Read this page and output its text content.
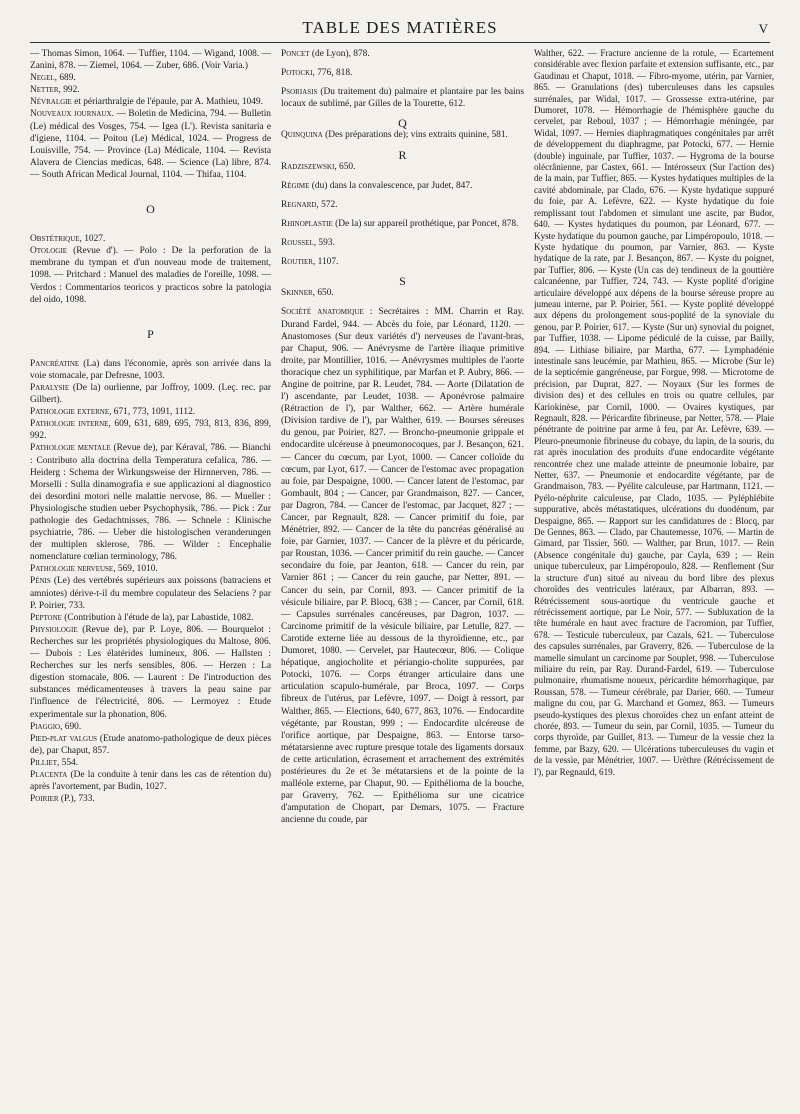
TABLE DES MATIÈRES	V
— Thomas Simon, 1064. — Tuffier, 1104. — Wigand, 1008. — Zanini, 878. — Ziemel, 1064. — Zuber, 686. (Voir Varia.)
Negel, 689.
Netter, 992.
Névralgie et périarthralgie de l'épaule, par A. Mathieu, 1049.
Nouveaux journaux. — Boletin de Medicina, 794. — Bulletin (Le) médical des Vosges, 754. — Igea (L'). Revista sanitaria e d'igiene, 1104. — Poitou (Le) Médical, 1024. — Progress de Louisville, 754. — Province (La) Médicale, 1104. — Revista Alavera de Ciencias medicas, 648. — Science (La) libre, 874. — South African Medical Journal, 1104. — Thifaa, 1104.
O
Obstétrique, 1027.
Otologie (Revue d'). — Polo : De la perforation de la membrane du tympan et d'un nouveau mode de traitement, 1098. — Pritchard : Manuel des maladies de l'oreille, 1098. — Verdos : Commentarios teoricos y practicos sobre la patologia del oido, 1098.
P
Pancréatine (La) dans l'économie, après son arrivée dans la voie stomacale, par Defresne, 1003.
Paralysie (De la) ourlienne, par Joffroy, 1009. (Leç. rec. par Gilbert).
Pathologie externe, 671, 773, 1091, 1112.
Pathologie interne, 609, 631, 689, 695, 793, 813, 836, 899, 992.
Pathologie mentale (Revue de), par Kéraval, 786. — Bianchi : Contributo alla doctrina della Temperatura cefalica, 786. — Heiderg : Schema der Wirkungsweise der Hirnnerven, 786. — Morselli : Sulla dinamografia e sue applicazioni al diagnostico dei desordini motori nelle malattie nervose, 86. — Mueller : Physiologische studien ueber Psychophysik, 786. — Pick : Zur pathologie des Gedachtnisses, 786. — Schnele : Klinische psychiatrie, 786. — Ueber die histologischen veranderungen der multiplen sklerose, 786. — Wilder : Encephalie nomenclature cœlian terminology, 786.
Pathologie nerveuse, 569, 1010.
Pénis (Le) des vertébrés supérieurs aux poissons (batraciens et amniotes) dérive-t-il du membre copulateur des Selaciens ? par P. Poirier, 733.
Peptone (Contribution à l'étude de la), par Labastide, 1082.
Physiologie (Revue de), par P. Loye, 806. — Bourquelot : Recherches sur les propriétés physiologiques du Maltose, 806. — Dubois : Les élatérides lumineux, 806. — Hallsten : Recherches sur les nerfs sensibles, 806. — Herzen : La digestion stomacale, 806. — Laurent : De l'introduction des substances médicamenteuses à travers la peau saine par l'influence de l'électricité, 806. — Lermoyez : Etude experimentale sur la phonation, 806.
Piaggio, 690.
Pied-plat valgus (Etude anatomo-pathologique de deux pièces de), par Chaput, 857.
Pilliet, 554.
Placenta (De la conduite à tenir dans les cas de rétention du) après l'avortement, par Budin, 1027.
Poirier (P.), 733.
Poncet (de Lyon), 878.
Potocki, 776, 818.
Psoriasis (Du traitement du) palmaire et plantaire par les bains locaux de sublimé, par Gilles de la Tourette, 612.
Q
Quinquina (Des préparations de); vins extraits quinine, 581.
R
Radziszewski, 650.
Régime (du) dans la convalescence, par Judet, 847.
Regnard, 572.
Rhinoplastie (De la) sur appareil prothétique, par Poncet, 878.
Roussel, 593.
Routier, 1107.
S
Skinner, 650.
Société anatomique : Secrétaires : MM. Charrin et Ray. Durand Fardel, 944. — Abcès du foie, par Léonard, 1120. — Anastomoses (Sur deux variétés d') nerveuses de l'avant-bras, par Chaput, 906. — Anévrysme de l'artère iliaque primitive droite, par Montillier, 1016. — Anévrysmes multiples de l'aorte thoracique chez un syphilitique, par Marfan et P. Aubry, 866. — Angine de poitrine, par R. Leudet, 784. — Aorte (Dilatation de l') ascendante, par Leudet, 1038. — Aponévrose palmaire (Rétraction de l'), par Walther, 662. — Artère humérale (Division tardive de l'), par Walther, 619. — Bourses séreuses du genou, par Poirier, 827. — Broncho-pneumonie grippale et endocardite ulcéreuse à pneumonocoques, par J. Besançon, 621. — Cancer du cœcum, par Lyot, 1000. — Cancer colloïde du cœcum, par Lyot, 617. — Cancer de l'estomac avec propagation au foie, par Despaigne, 1000. — Cancer latent de l'estomac, par Gombault, 804 ; — Cancer, par Grandmaison, 827. — Cancer, par Dagron, 784. — Cancer de l'estomac, par Jacquet, 827 ; — Cancer, par Regnault, 828. — Cancer primitif du foie, par Ménétrier, 892. — Cancer de la tête du pancréas généralisé au foie, par Garnier, 1037. — Cancer de la plèvre et du péricarde, par Roustan, 1036. — Cancer primitif du rein gauche. — Cancer secondaire du foie, par Jeanton, 618. — Cancer du rein, par Varnier 861 ; — Cancer du rein gauche, par Netter, 891. — Cancer du sein, par Cornil, 893. — Cancer primitif de la vésicule biliaire, par P. Blocq, 638 ; — Cancer, par Cornil, 618. — Capsules surrénales cancéreuses, par Dagron, 1037. — Carcinome primitif de la vésicule biliaire, par Letulle, 827. — Carotide externe liée au dessous de la thyroïdienne, etc., par Dumoret, 1080. — Cervelet, par Hautecœur, 806. — Colique hépatique, angiocholite et périangio-cholite suppurées, par Potocki, 1076. — Corps étranger articulaire dans une articulation scapulo-humérale, par Broca, 1097. — Corps fibreux de l'utérus, par Lefèvre, 1097. — Doigt à ressort, par Walther, 865. — Elections, 640, 677, 863, 1076. — Endocardite végétante, par Roustan, 999 ; — Endocardite ulcéreuse de l'orifice aortique, par Despaigne, 863. — Entorse tarso-métatarsienne avec rupture presque totale des ligaments dorsaux de cette articulation, écrasement et arrachement des extrémités postérieures du 2e et 3e métatarsiens et de la pointe de la malléole externe, par Chaput, 90. — Epithélioma de la bouche, par Graverry, 762. — Epithélioma sur une cicatrice d'amputation de Chopart, par Demars, 1075. — Fracture ancienne du coude, par
Walther, 622. — Fracture ancienne de la rotule, — Ecartement considérable avec flexion parfaite et extension suffisante, etc., par Gaudinau et Chaput, 1018. — Fibro-myome, utérin, par Varnier, 865. — Granulations (des) tuberculeuses dans les capsules surrénales, par Widal, 1017. — Grossesse extra-utérine, par Dumoret, 1078. — Hémorrhagie de l'hémisphère gauche du cervelet, par Reboul, 1037 ; — Hémorrhagie méningée, par Widal, 1097. — Hernies diaphragmatiques congénitales par arrêt de développement du diaphragme, par Potocki, 677. — Hernie (double) inguinale, par Tuffier, 1037. — Hygroma de la bourse olécrânienne, par Castex, 661. — Intérosseux (Sur l'action des) de la main, par Tuffier, 865. — Kystes hydatiques multiples de la cavité abdominale, par Clado, 676. — Kyste hydatique suppuré du foie, par A. Lefèvre, 622. — Kyste hydatique du foie remplissant tout l'abdomen et simulant une ascite, par Budor, 640. — Kystes hydatiques du poumon, par Léonard, 677. — Kyste hydatique du poumon gauche, par Limpéropoulo, 1018. — Kyste hydatique du poumon, par Varnier, 863. — Kyste hydatique de la rate, par J. Besançon, 867. — Kyste du poignet, par Tuffier, 806. — Kyste (Un cas de) tendineux de la gouttière calcanéenne, par Tuffier, 724, 743. — Kyste poplité d'origine articulaire développé aux dépens de la bourse séreuse propre au jumeau interne, par P. Poirier, 561. — Kyste poplité développé aux dépens du prolongement sous-poplité de la synoviale du genou, par P. Poirier, 617. — Kyste (Sur un) synovial du poignet, par Tuffier, 1038. — Lipome pédiculé de la cuisse, par Bailly, 894. — Lithiase biliaire, par Martha, 677. — Lymphadénie intestinale sans leucémie, par Mathieu, 865. — Microbe (Sur le) de la septicémie gangréneuse, par Forgue, 998. — Microtome de précision, par Duprat, 827. — Noyaux (Sur les formes de division des) et des cellules en trois ou quatre cellules, par Kariokinèse, par Cornil, 1000. — Ovaires kystiques, par Regnault, 828. — Péricardite fibrineuse, par Netter, 578. — Plaie pénétrante de poitrine par arme à feu, par Ar. Lefèvre, 639. — Pleuro-pneumonie fibrineuse du cobaye, du lapin, de la souris, du rat après inoculation des produits d'une endocardite végétante rencontrée chez une malade atteinte de pneumonie lobaire, par Netter, 637. — Pneumonie et endocardite végétante, par de Grandmaison, 783. — Pyélite calculeuse, par Hartmann, 1121. — Pyélo-néphrite calculeuse, par Clado, 1035. — Pyléphlébite suppurative, abcès métastatiques, ulcérations du duodénum, par Despaigne, 865. — Rapport sur les candidatures de : Blocq, par De Gennes, 863. — Clado, par Chautemesse, 1076. — Martin de Gimard, par Tissier, 560. — Walther, par Brun, 1017. — Rein (Absence congénitale du) gauche, par Cayla, 639 ; — Rein unique tuberculeux, par Limpéropoulo, 828. — Renflement (Sur la structure d'un) situé au niveau du bord libre des plexus choroïdes des ventricules latéraux, par Albarran, 893. — Rétrécissement sous-aortique du ventricule gauche et rétrécissement aortique, par Le Noir, 577. — Subluxation de la tête humérale en haut avec fracture de l'acromion, par Tuffier, 678. — Testicule tuberculeux, par Cazals, 621. — Tuberculose des capsules surrénales, par Graverry, 826. — Tuberculose de la mamelle simulant un carcinome par Souplet, 998. — Tuberculose miliaire du rein, par Ray. Durand-Fardel, 619. — Tuberculose pulmonaire, rhumatisme noueux, péricardite hémorrhagique, par Roussan, 578. — Tumeur cérébrale, par Darier, 660. — Tumeur maligne du cou, par G. Marchand et Gomez, 863. — Tumeurs pseudo-kystiques des plexus choroïdes chez un enfant atteint de chorée, 893. — Tumeur du sein, par Cornil, 1035. — Tumeur du corps thyroïde, par Guillet, 813. — Tumeur de la vessie chez la femme, par Bazy, 620. — Ulcérations tuberculeuses du vagin et de la vessie, par Ménétrier, 1007. — Urèthre (Rétrécissement de l'), par Regnauld, 619.
